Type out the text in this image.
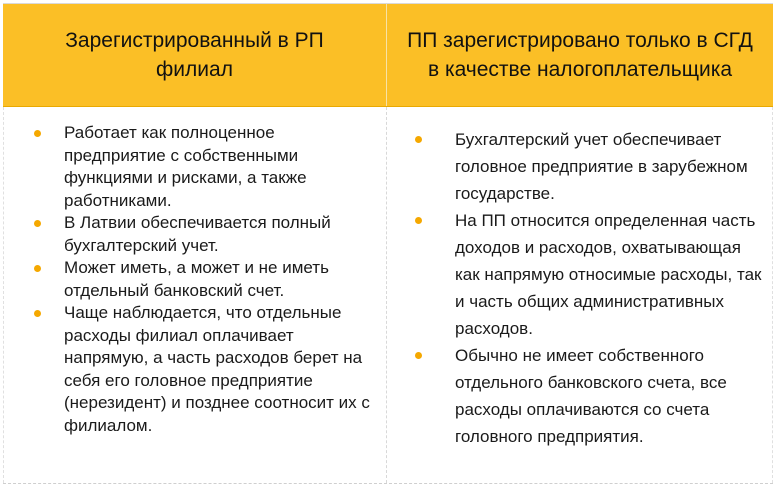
Зарегистрированный в РП филиал
ПП зарегистрировано только в СГД в качестве налогоплательщика
Работает как полноценное предприятие с собственными функциями и рисками, а также работниками.
В Латвии обеспечивается полный бухгалтерский учет.
Может иметь, а может и не иметь отдельный банковский счет.
Чаще наблюдается, что отдельные расходы филиал оплачивает напрямую, а часть расходов берет на себя его головное предприятие (нерезидент) и позднее соотносит их с филиалом.
Бухгалтерский учет обеспечивает головное предприятие в зарубежном государстве.
На ПП относится определенная часть доходов и расходов, охватывающая как напрямую относимые расходы, так и часть общих административных расходов.
Обычно не имеет собственного отдельного банковского счета, все расходы оплачиваются со счета головного предприятия.
